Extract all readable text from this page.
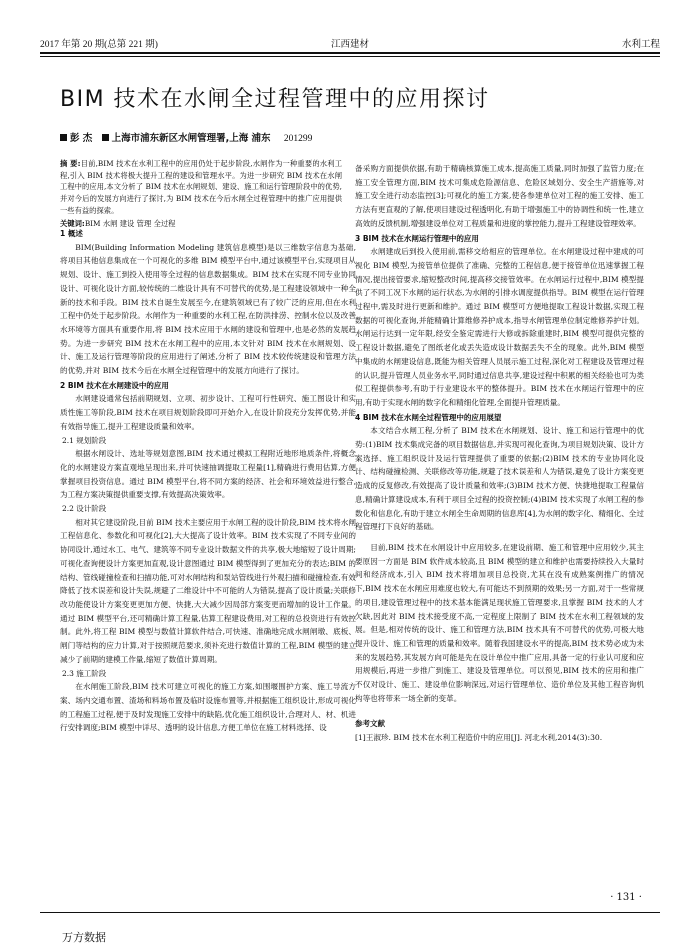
2017 年第 20 期(总第 221 期)	江西建材	水利工程
BIM 技术在水闸全过程管理中的应用探讨
彭 杰 上海市浦东新区水闸管理署,上海 浦东 201299
摘 要:目前,BIM 技术在水利工程中的应用仍处于起步阶段,水闸作为一种重要的水利工程,引入 BIM 技术将极大提升工程的建设和管理水平。为进一步研究 BIM 技术在水闸工程中的应用,本文分析了 BIM 技术在水闸规划、建设、施工和运行管理阶段中的优势,并对今后的发展方向进行了探讨,为 BIM 技术在今后水闸全过程管理中的推广应用提供一些有益的探索。
关键词:BIM 水闸 建设 管理 全过程
1 概述

BIM(Building Information Modeling 建筑信息模型)是以三维数字信息为基础,将项目其他信息集成在一个可视化的多维 BIM 模型平台中,通过该模型平台,实现项目从规划、设计、施工到投入使用等全过程的信息数据集成。BIM 技术在实现不同专业协同设计、可视化设计方面,较传统的二维设计具有不可替代的优势,是工程建设领域中一种全新的技术和手段。BIM 技术自诞生发展至今,在建筑领域已有了较广泛的应用,但在水利工程中仍处于起步阶段。水闸作为一种重要的水利工程,在防洪排涝、控制水位以及改善水环境等方面具有重要作用,将 BIM 技术应用于水闸的建设和管理中,也是必然的发展趋势。为进一步研究 BIM 技术在水闸工程中的应用,本文针对 BIM 技术在水闸规划、设计、施工及运行管理等阶段的应用进行了阐述,分析了 BIM 技术较传统建设和管理方法的优势,并对 BIM 技术今后在水闸全过程管理中的发展方向进行了探讨。

2 BIM 技术在水闸建设中的应用

水闸建设通常包括前期规划、立项、初步设计、工程可行性研究、施工图设计和实质性施工等阶段,BIM 技术在项目规划阶段即可开始介入,在设计阶段充分发挥优势,并能有效指导施工,提升工程建设质量和效率。

2.1 规划阶段

根据水闸设计、选址等规划意图,BIM 技术通过模拟工程附近地形地质条件,将概念化的水闸建设方案直观地呈现出来,并可快速抽调提取工程量[1],精确进行费用估算,方便掌握项目投资信息。通过 BIM 模型平台,将不同方案的经济、社会和环境效益进行整合,为工程方案决策提供重要支撑,有效提高决策效率。

2.2 设计阶段

相对其它建设阶段,目前 BIM 技术主要应用于水闸工程的设计阶段,BIM 技术将水闸工程信息化、参数化和可视化[2],大大提高了设计效率。BIM 技术实现了不同专业间的协同设计,通过水工、电气、建筑等不同专业设计数据文件的共享,极大地缩短了设计周期;可视化查询便设计方案更加直观,设计意图通过 BIM 模型得到了更加充分的表达;BIM 的结构、管线碰撞检查和扫描功能,可对水闸结构和泵站管线进行外观扫描和碰撞检查,有效降低了技术误差和设计失误,规避了二维设计中不可能的人为错误,提高了设计质量;关联修改功能使设计方案变更更加方便、快捷,大大减少因局部方案变更而增加的设计工作量。通过 BIM 模型平台,还可精确计算工程量,估算工程建设费用,对工程的总投资进行有效控制。此外,将工程 BIM 模型与数值计算软件结合,可快速、准确地完成水闸闸墩、底板、闸门等结构的应力计算,对于按照规范要求,须补充进行数值计算的工程,BIM 模型的建立减少了前期的建模工作量,缩短了数值计算周期。

2.3 施工阶段

在水闸施工阶段,BIM 技术可建立可视化的施工方案,如围堰围护方案、施工导流方案、场内交通布置、渣场和料场布置及临时设施布置等,并根据施工组织设计,形成可视化的工程施工过程,便于及时发现施工安排中的缺陷,优化施工组织设计,合理对人、材、机进行安排调度;BIM 模型中详尽、透明的设计信息,方便工单位在施工材料选择、设

备采购方面提供依据,有助于精确核算施工成本,提高施工质量,同时加强了监管力度;在施工安全管理方面,BIM 技术可集成危险源信息、危险区域划分、安全生产措施等,对施工安全进行动态监控[3];可视化的施工方案,使各参建单位对工程的施工安排、施工方法有更直观的了解,使项目建设过程透明化,有助于增强施工中的协调性和统一性,建立高效的反馈机制,增强建设单位对工程质量和进度的掌控能力,提升工程建设管理效率。

3 BIM 技术在水闸运行管理中的应用

水闸建成后到投入使用前,需移交给相应的管理单位。在水闸建设过程中建成的可视化 BIM 模型,为接管单位提供了准确、完整的工程信息,便于接管单位迅速掌握工程情况,提出接管要求,缩短整改时间,提高移交接管效率。在水闸运行过程中,BIM 模型提供了不同工况下水闸的运行状态,为水闸的引排水调度提供指导。BIM 模型在运行管理过程中,需及时进行更新和维护。通过 BIM 模型可方便地提取工程设计数据,实现工程数据的可视化查询,并能精确计算维修养护成本,指导水闸管理单位制定维修养护计划。水闸运行达到一定年限,经安全鉴定需进行大修或拆除重建时,BIM 模型可提供完整的工程设计数据,避免了图纸老化或丢失造成设计数据丢失不全的现象。此外,BIM 模型中集成的水闸建设信息,既能为相关管理人员展示施工过程,深化对工程建设及管理过程的认识,提升管理人员业务水平,同时通过信息共享,建设过程中积累的相关经验也可为类似工程提供参考,有助于行业建设水平的整体提升。BIM 技术在水闸运行管理中的应用,有助于实现水闸的数字化和精细化管理,全面提升管理质量。

4 BIM 技术在水闸全过程管理中的应用展望

本文结合水闸工程,分析了 BIM 技术在水闸规划、设计、施工和运行管理中的优势:(1)BIM 技术集成完备的项目数据信息,并实现可视化查询,为项目规划决策、设计方案选择、施工组织设计及运行管理提供了重要的依据;(2)BIM 技术的专业协同化设计、结构碰撞检测、关联修改等功能,规避了技术误差和人为错误,避免了设计方案变更造成的反复修改,有效提高了设计质量和效率;(3)BIM 技术方便、快捷地提取工程量信息,精确计算建设成本,有利于项目全过程的投资控制;(4)BIM 技术实现了水闸工程的参数化和信息化,有助于建立水闸全生命周期的信息库[4],为水闸的数字化、精细化、全过程管理打下良好的基础。

目前,BIM 技术在水闸设计中应用较多,在建设前期、施工和管理中应用较少,其主要原因一方面是 BIM 软件成本较高,且 BIM 模型的建立和维护也需要持续投入大量时间和经济成本,引入 BIM 技术将增加项目总投资,尤其在没有成熟案例推广的情况下,BIM 技术在水闸应用难度也较大,有可能达不到预期的效果;另一方面,对于一些常规的项目,建设管理过程中的技术基本能满足现状施工管理要求,且掌握 BIM 技术的人才欠缺,因此对 BIM 技术接受度不高,一定程度上限制了 BIM 技术在水利工程领域的发展。但是,相对传统的设计、施工和管理方法,BIM 技术具有不可替代的优势,可极大地提升设计、施工和管理的质量和效率。随着我国建设水平的提高,BIM 技术势必成为未来的发展趋势,其发展方向可能是先在设计单位中推广应用,具备一定的行业认可度和应用规模后,再进一步推广到施工、建设及管理单位。可以预见,BIM 技术的应用和推广不仅对设计、施工、建设单位影响深远,对运行管理单位、造价单位及其他工程咨询机构等也将带来一场全新的变革。

参考文献
[1]王淑珍. BIM 技术在水利工程造价中的应用[J]. 河北水利,2014(3):30.
· 131 ·
万方数据
